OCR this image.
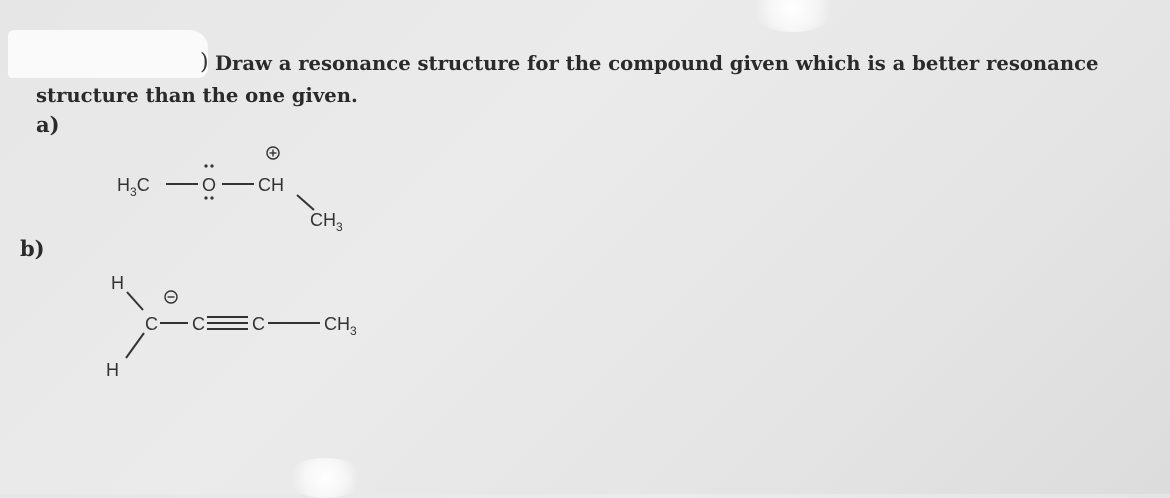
) Draw a resonance structure for the compound given which is a better resonance
structure than the one given.
a)
b)
$H_3C$	O CH
$CH_3$
H
C
H
C	C	$CH_3$
